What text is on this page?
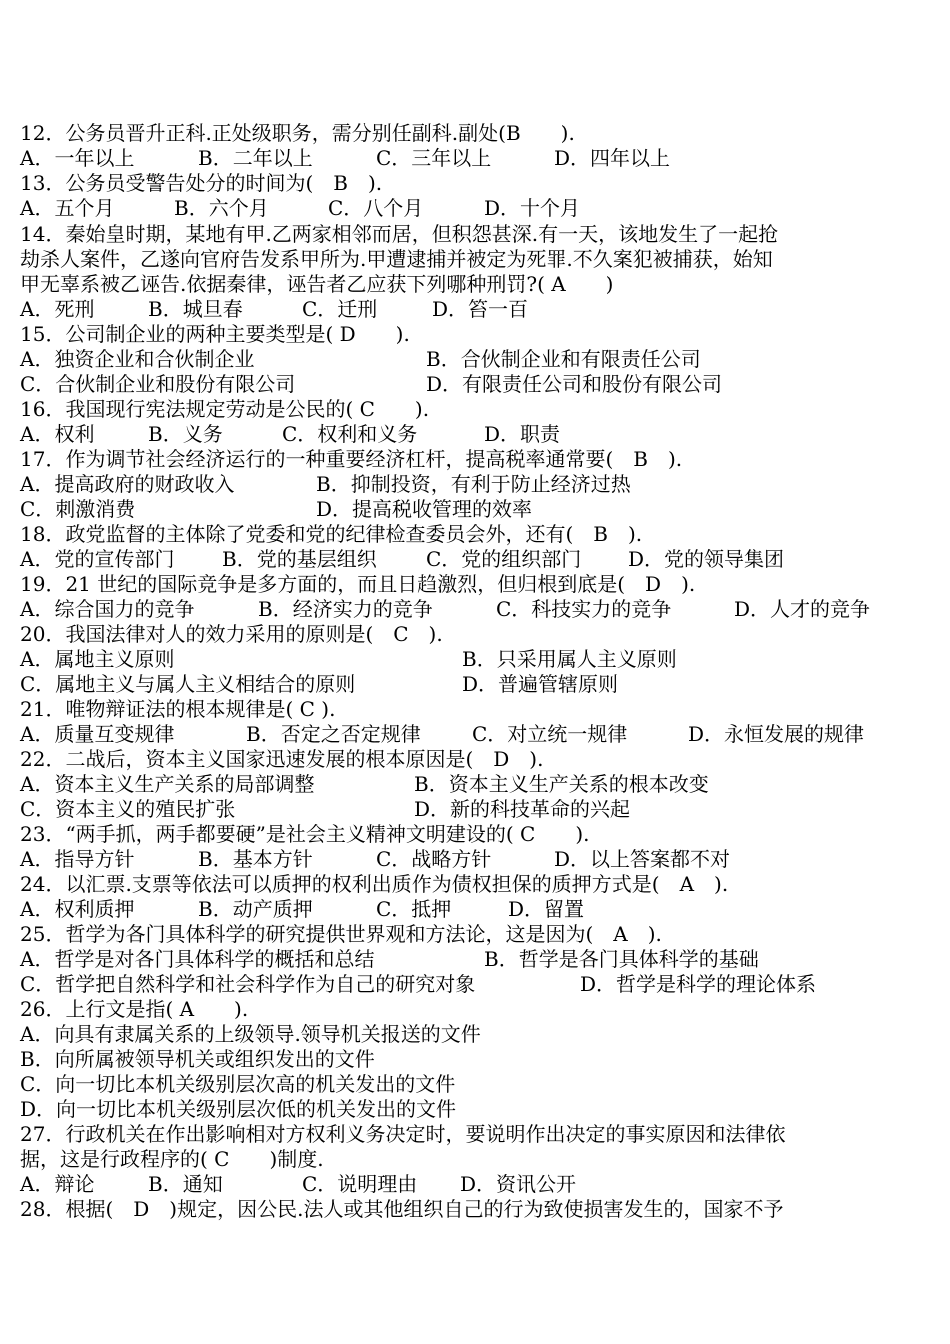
12．公务员晋升正科.正处级职务，需分别任副科.副处(B　　).

A．一年以上

	B．二年以上

	C．三年以上

	D．四年以上

13．公务员受警告处分的时间为(　B　).

A．五个月

	B．六个月

	C．八个月

	D．十个月

14．秦始皇时期，某地有甲.乙两家相邻而居，但积怨甚深.有一天，该地发生了一起抢
劫杀人案件，乙遂向官府告发系甲所为.甲遭逮捕并被定为死罪.不久案犯被捕获，始知
甲无辜系被乙诬告.依据秦律，诬告者乙应获下列哪种刑罚?( A　　)

A．死刑

	B．城旦春

	C．迁刑

	D．笞一百

15．公司制企业的两种主要类型是( D　　).

A．独资企业和合伙制企业

	B．合伙制企业和有限责任公司

C．合伙制企业和股份有限公司

	D．有限责任公司和股份有限公司

16．我国现行宪法规定劳动是公民的( C　　).

A．权利

	B．义务

	C．权利和义务

	D．职责

17．作为调节社会经济运行的一种重要经济杠杆，提高税率通常要(　B　).

A．提高政府的财政收入

	B．抑制投资，有利于防止经济过热

C．刺激消费

	D．提高税收管理的效率

18．政党监督的主体除了党委和党的纪律检查委员会外，还有(　B　).

A．党的宣传部门

B．党的基层组织

C．党的组织部门

D．党的领导集团

19．21 世纪的国际竞争是多方面的，而且日趋激烈，但归根到底是(　D　).

A．综合国力的竞争

	B．经济实力的竞争

	C．科技实力的竞争

	D．人才的竞争

20．我国法律对人的效力采用的原则是(　C　).

A．属地主义原则

	B．只采用属人主义原则

C．属地主义与属人主义相结合的原则

	D．普遍管辖原则

21．唯物辩证法的根本规律是( C ).

A．质量互变规律

	B．否定之否定规律

	C．对立统一规律

	D．永恒发展的规律

22．二战后，资本主义国家迅速发展的根本原因是(　D　).

A．资本主义生产关系的局部调整

	B．资本主义生产关系的根本改变

C．资本主义的殖民扩张

	D．新的科技革命的兴起

23．“两手抓，两手都要硬”是社会主义精神文明建设的( C　　).

A．指导方针

	B．基本方针

	C．战略方针

	D．以上答案都不对

24．以汇票.支票等依法可以质押的权利出质作为债权担保的质押方式是(　A　).

A．权利质押

	B．动产质押

	C．抵押

	D．留置

25．哲学为各门具体科学的研究提供世界观和方法论，这是因为(　A　).

A．哲学是对各门具体科学的概括和总结

	B．哲学是各门具体科学的基础

C．哲学把自然科学和社会科学作为自己的研究对象

	D．哲学是科学的理论体系

26．上行文是指( A　　).
A．向具有隶属关系的上级领导.领导机关报送的文件
B．向所属被领导机关或组织发出的文件
C．向一切比本机关级别层次高的机关发出的文件
D．向一切比本机关级别层次低的机关发出的文件
27．行政机关在作出影响相对方权利义务决定时，要说明作出决定的事实原因和法律依
据，这是行政程序的( C　　)制度.

A．辩论

	B．通知

	C．说明理由

D．资讯公开

28．根据(　D　)规定，因公民.法人或其他组织自己的行为致使损害发生的，国家不予
